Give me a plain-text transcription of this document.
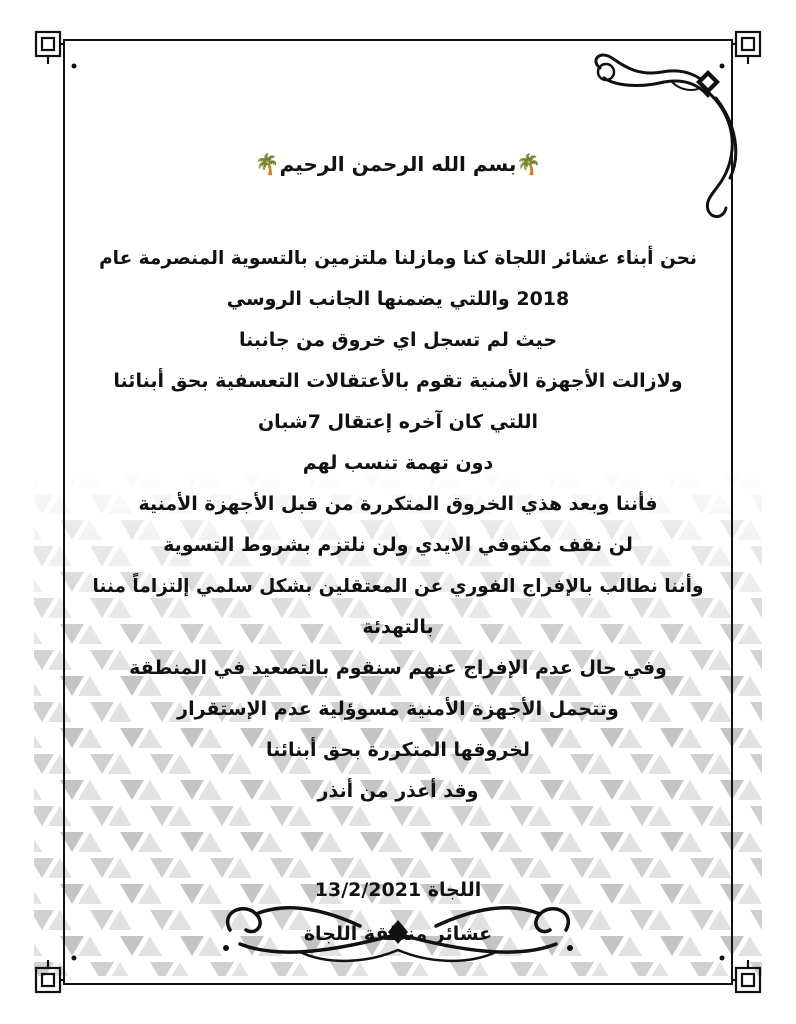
🌴بسم الله الرحمن الرحيم🌴
نحن أبناء عشائر اللجاة كنا ومازلنا ملتزمين بالتسوية المنصرمة عام
2018 واللتي يضمنها الجانب الروسي
حيث لم تسجل اي خروق من جانبنا
ولازالت الأجهزة الأمنية تقوم بالأعتقالات التعسفية بحق أبنائنا
اللتي كان آخره إعتقال 7شبان
دون تهمة تنسب لهم
فأننا وبعد هذي الخروق المتكررة من قبل الأجهزة الأمنية
لن نقف مكتوفي الايدي ولن نلتزم بشروط التسوية
وأننا نطالب بالإفراج الفوري عن المعتقلين بشكل سلمي إلتزاماً مننا
بالتهدئة
وفي حال عدم الإفراج عنهم سنقوم بالتصعيد في المنطقة
وتتحمل الأجهزة الأمنية مسوؤلية عدم الإستقرار
لخروقها المتكررة بحق أبنائنا
وقد أعذر من أنذر
اللجاة 13/2/2021
عشائر منطقة اللجاة
